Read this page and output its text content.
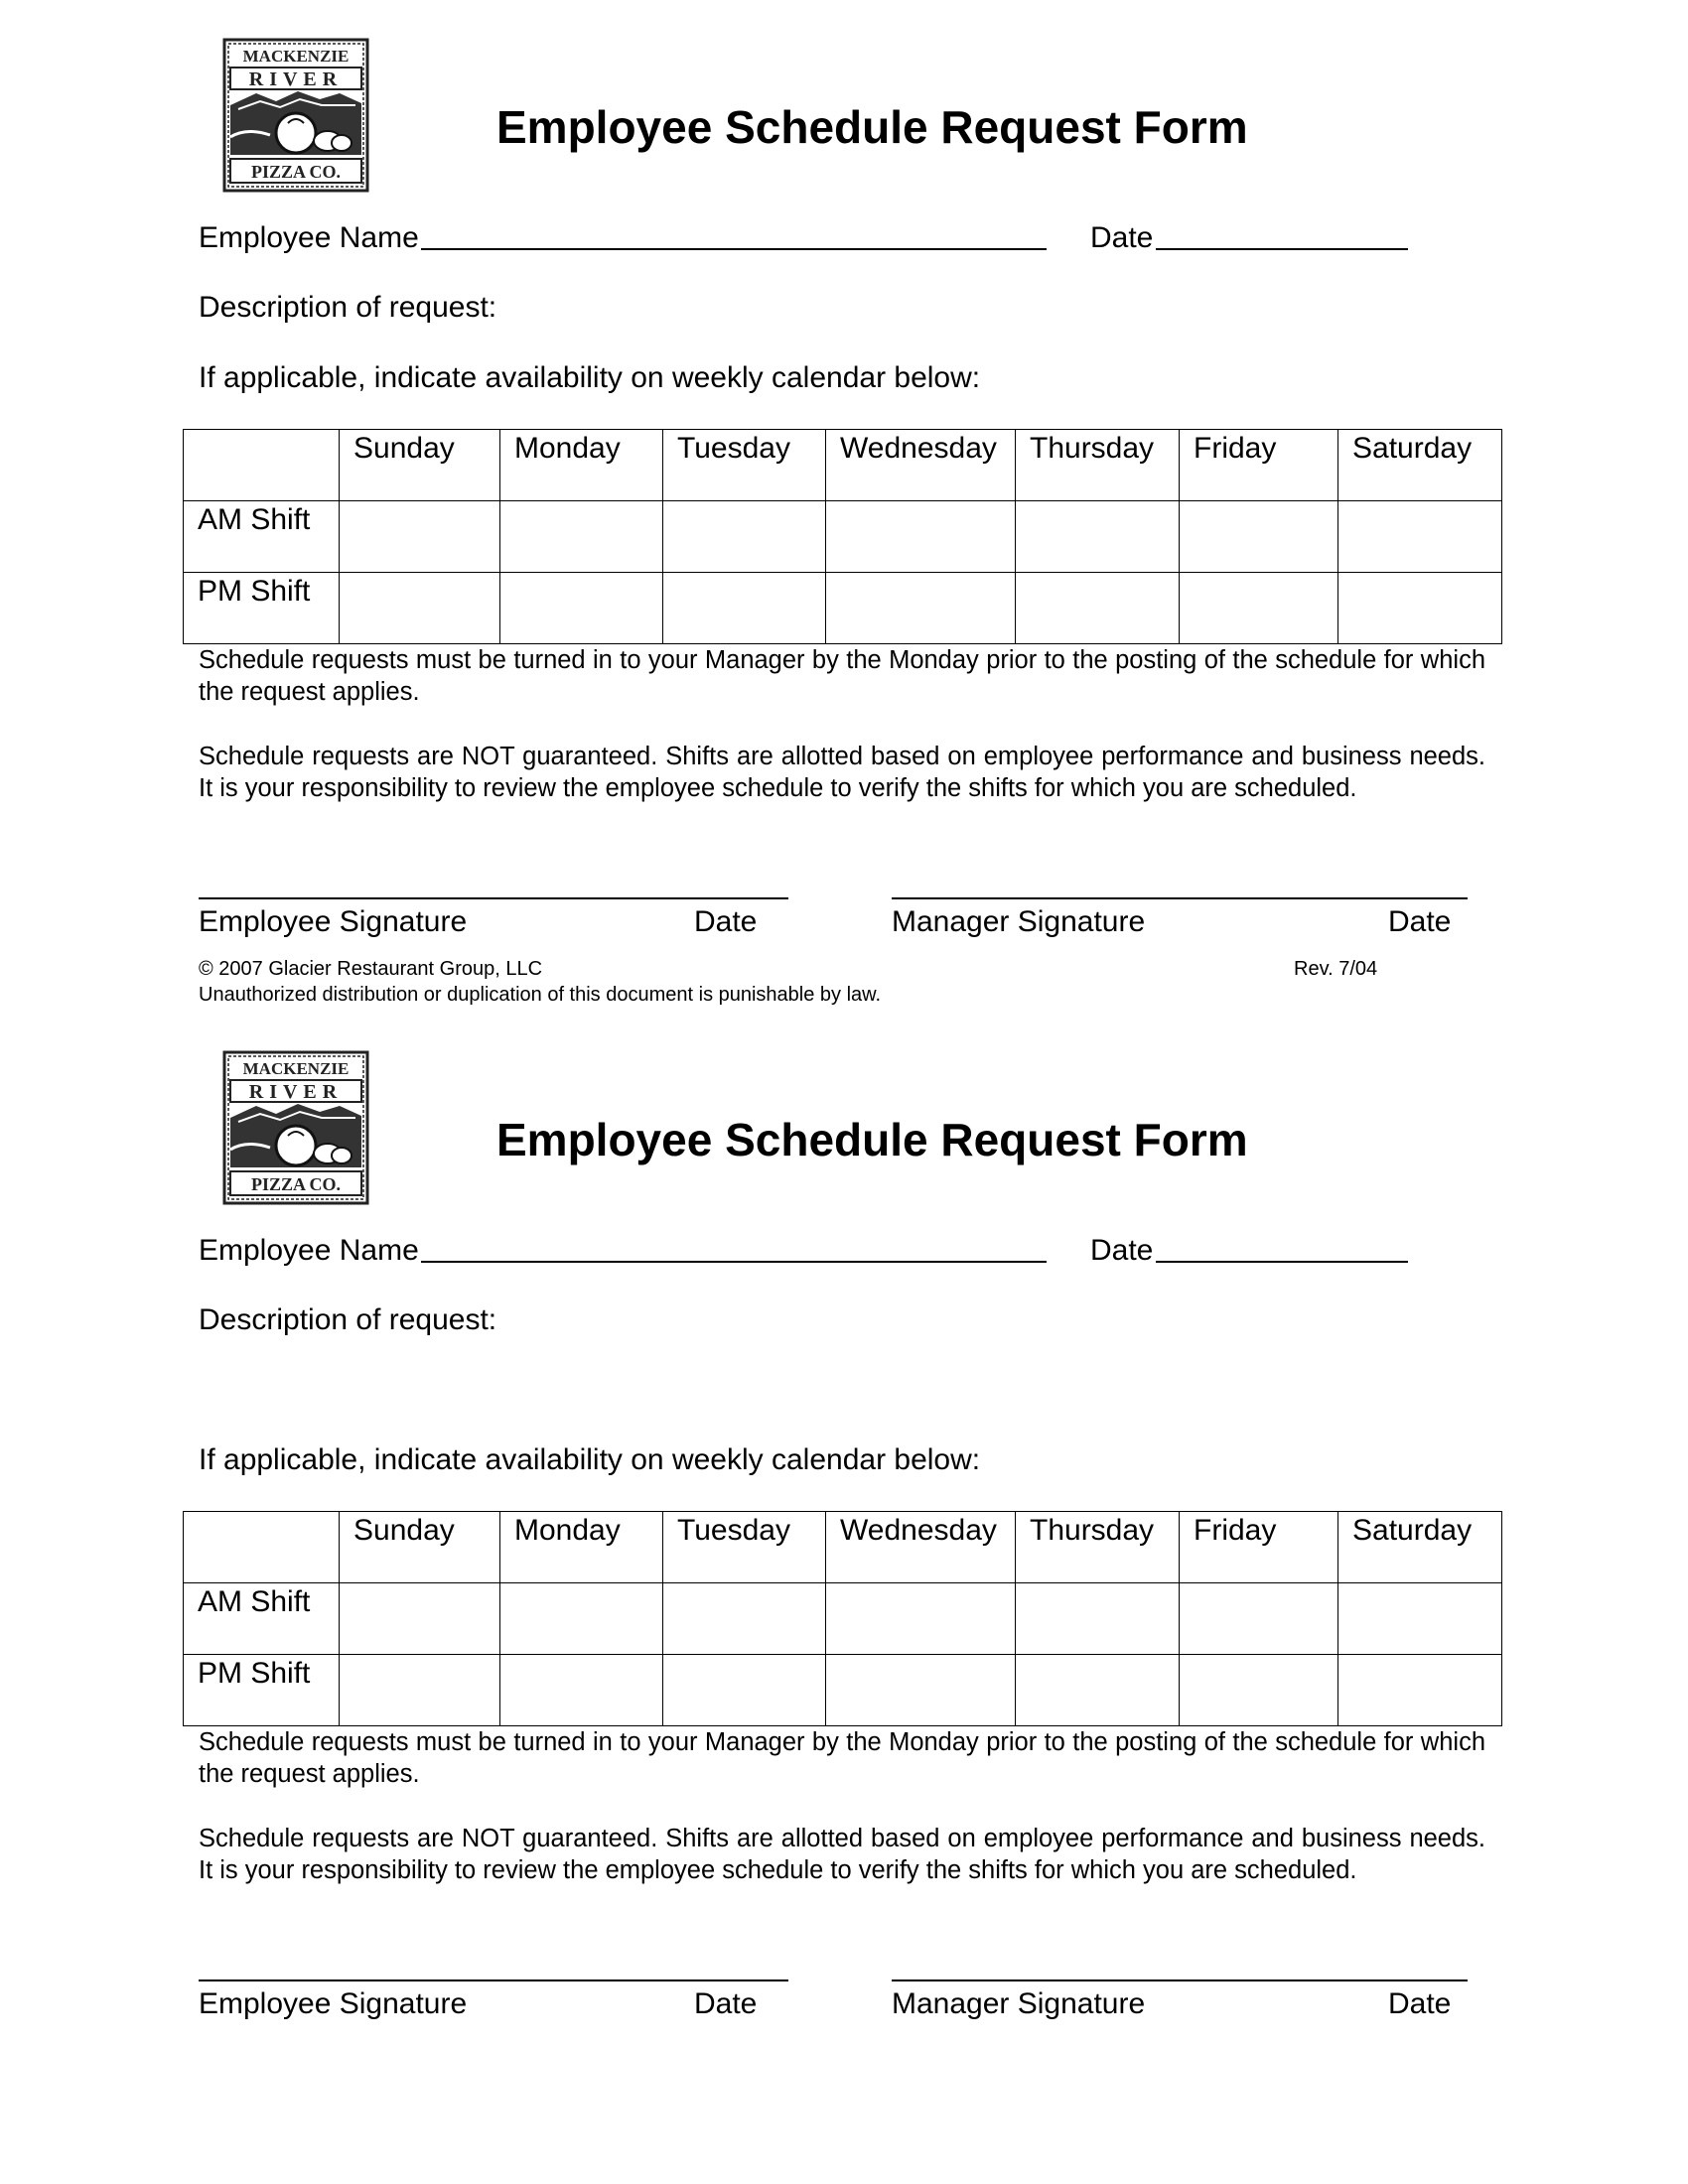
MACKENZIE
RIVER
PIZZA CO.
Employee Schedule Request Form
Employee Name	Date
Description of request:
If applicable, indicate availability on weekly calendar below:
	Sunday	Monday	Tuesday	Wednesday	Thursday	Friday	Saturday
AM Shift							
PM Shift							
Schedule requests must be turned in to your Manager by the Monday prior to the posting of the schedule for which the request applies.
Schedule requests are NOT guaranteed. Shifts are allotted based on employee performance and business needs. It is your responsibility to review the employee schedule to verify the shifts for which you are scheduled.
Employee Signature	Date	Manager Signature	Date
© 2007 Glacier Restaurant Group, LLC	Rev. 7/04
Unauthorized distribution or duplication of this document is punishable by law.
MACKENZIE
RIVER
PIZZA CO.
Employee Schedule Request Form
Employee Name	Date
Description of request:
If applicable, indicate availability on weekly calendar below:
	Sunday	Monday	Tuesday	Wednesday	Thursday	Friday	Saturday
AM Shift							
PM Shift							
Schedule requests must be turned in to your Manager by the Monday prior to the posting of the schedule for which the request applies.
Schedule requests are NOT guaranteed. Shifts are allotted based on employee performance and business needs. It is your responsibility to review the employee schedule to verify the shifts for which you are scheduled.
Employee Signature	Date	Manager Signature	Date
